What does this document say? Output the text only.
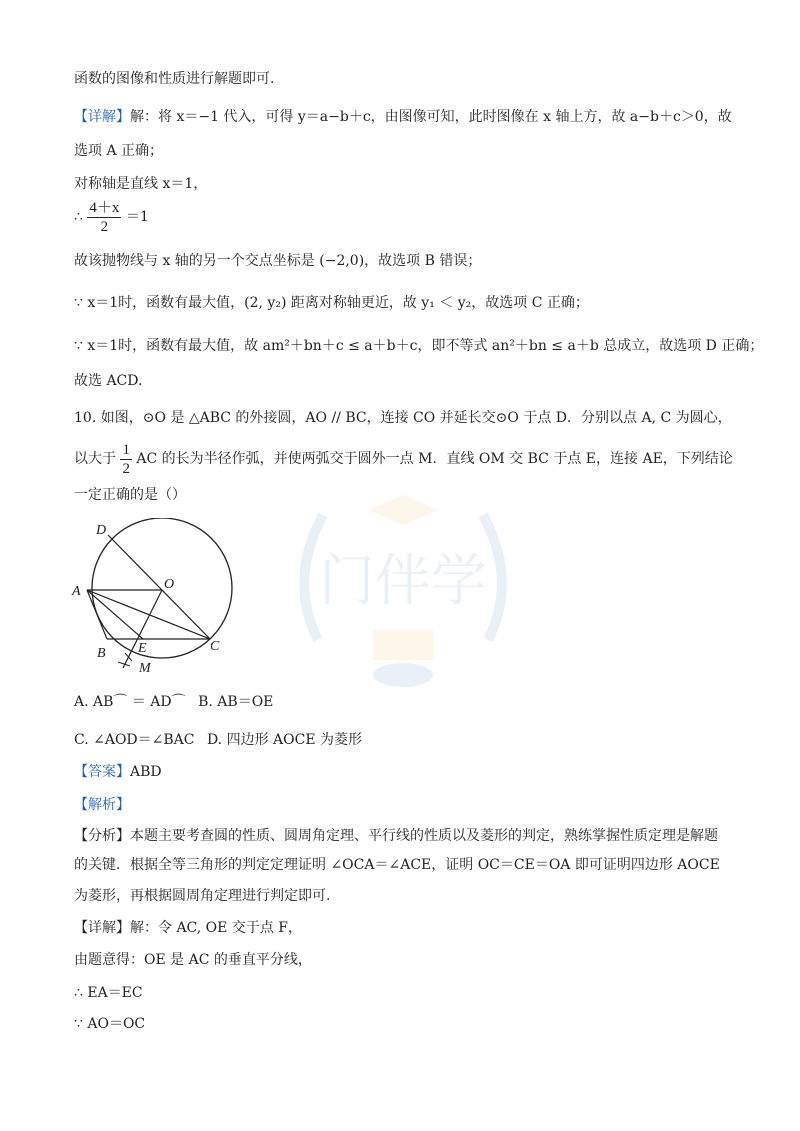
门伴学
函数的图像和性质进行解题即可.
【详解】解：将 x＝−1 代入，可得 y＝a−b＋c，由图像可知，此时图像在 x 轴上方，故 a−b＋c＞0，故
选项 A 正确；
对称轴是直线 x＝1，
∴ $\frac{4+x}{2} =1$
故该抛物线与 x 轴的另一个交点坐标是 (−2,0)，故选项 B 错误；
∵ x＝1时，函数有最大值，(2, y₂) 距离对称轴更近，故 y₁ ＜ y₂，故选项 C 正确；
∵ x＝1时，函数有最大值，故 am²＋bn＋c ≤ a＋b＋c，即不等式 an²＋bn ≤ a＋b 总成立，故选项 D 正确；
故选 ACD.
10. 如图，⊙O 是 △ABC 的外接圆，AO // BC，连接 CO 并延长交⊙O 于点 D．分别以点 A, C 为圆心，
以大于 $\frac{1}{2}$ AC 的长为半径作弧，并使两弧交于圆外一点 M．直线 OM 交 BC 于点 E，连接 AE，下列结论
一定正确的是（）
D
A	O
B E	C
M
A. AB⌒ ＝ AD⌒ B. AB＝OE
C. ∠AOD＝∠BAC D. 四边形 AOCE 为菱形
【答案】ABD
【解析】
【分析】本题主要考查圆的性质、圆周角定理、平行线的性质以及菱形的判定，熟练掌握性质定理是解题
的关键．根据全等三角形的判定定理证明 ∠OCA＝∠ACE，证明 OC＝CE＝OA 即可证明四边形 AOCE
为菱形，再根据圆周角定理进行判定即可.
【详解】解：令 AC, OE 交于点 F，
由题意得：OE 是 AC 的垂直平分线，
∴ EA＝EC
∵ AO＝OC
